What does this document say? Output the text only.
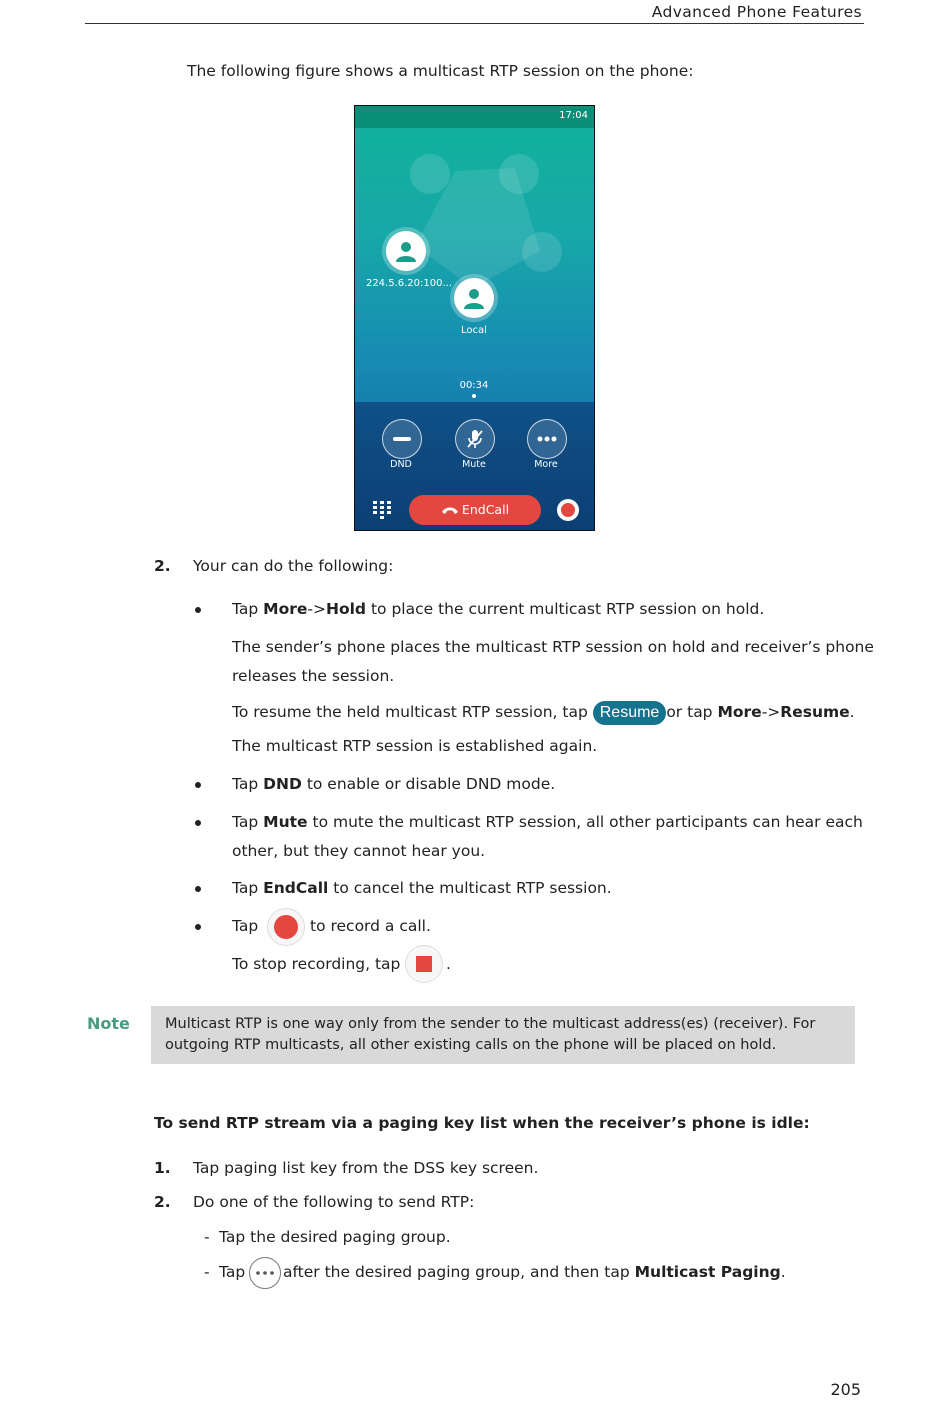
Advanced Phone Features
The following figure shows a multicast RTP session on the phone:
17:04
224.5.6.20:100...
Local
00:34
DND	Mute	More
EndCall
2. Your can do the following:
Tap More->Hold to place the current multicast RTP session on hold.
The sender’s phone places the multicast RTP session on hold and receiver’s phone
releases the session.
To resume the held multicast RTP session, tap Resume or tap More->Resume.
The multicast RTP session is established again.
Tap DND to enable or disable DND mode.
Tap Mute to mute the multicast RTP session, all other participants can hear each
other, but they cannot hear you.
Tap EndCall to cancel the multicast RTP session.
Tap	to record a call.
To stop recording, tap	.
Note Multicast RTP is one way only from the sender to the multicast address(es) (receiver). For
outgoing RTP multicasts, all other existing calls on the phone will be placed on hold.
To send RTP stream via a paging key list when the receiver’s phone is idle:
1. Tap paging list key from the DSS key screen.
2. Do one of the following to send RTP:
- Tap the desired paging group.
- Tap after the desired paging group, and then tap Multicast Paging.
205
